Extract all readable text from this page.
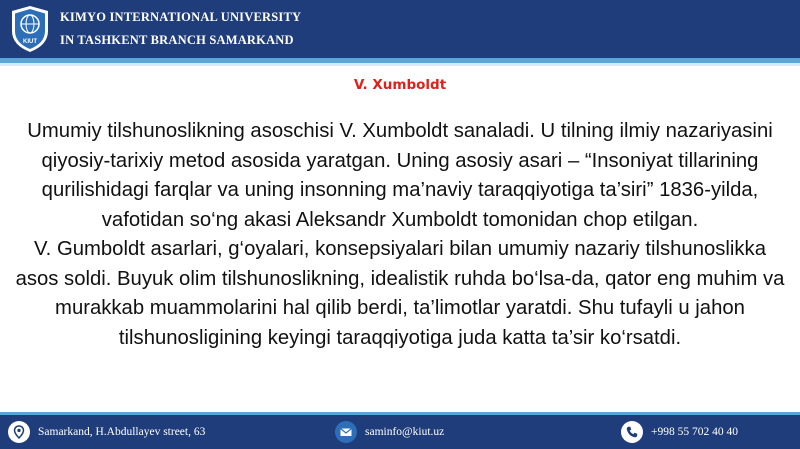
KIUT
KIMYO INTERNATIONAL UNIVERSITY
IN TASHKENT BRANCH SAMARKAND
V. Xumboldt

Umumiy tilshunoslikning asoschisi V. Xumboldt sanaladi. U tilning ilmiy nazariyasini qiyosiy-tarixiy metod asosida yaratgan. Uning asosiy asari – “Insoniyat tillarining qurilishidagi farqlar va uning insonning ma’naviy taraqqiyotiga ta’siri” 1836-yilda, vafotidan so‘ng akasi Aleksandr Xumboldt tomonidan chop etilgan.

V. Gumboldt asarlari, g‘oyalari, konsepsiyalari bilan umumiy nazariy tilshunoslikka asos soldi. Buyuk olim tilshunoslikning, idealistik ruhda bo‘lsa-da, qator eng muhim va murakkab muammolarini hal qilib berdi, ta’limotlar yaratdi. Shu tufayli u jahon tilshunosligining keyingi taraqqiyotiga juda katta ta’sir ko‘rsatdi.

Samarkand, H.Abdullayev street, 63	saminfo@kiut.uz	+998 55 702 40 40
